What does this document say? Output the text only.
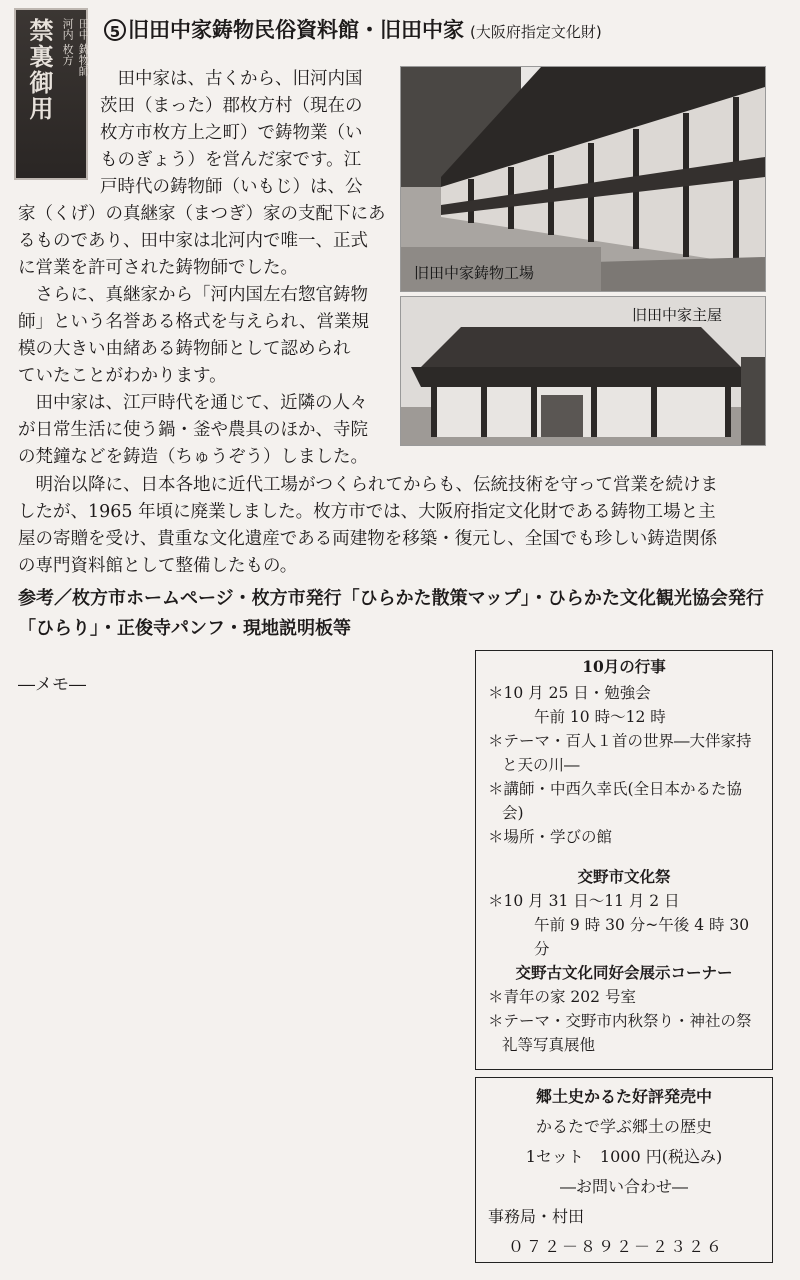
禁裏御用 河内 枚方 田中 鋳物師	5 旧田中家鋳物民俗資料館・旧田中家 (大阪府指定文化財)

　田中家は、古くから、旧河内国

茨田（まった）郡枚方村（現在の

枚方市枚方上之町）で鋳物業（い

ものぎょう）を営んだ家です。江

戸時代の鋳物師（いもじ）は、公

家（くげ）の真継家（まつぎ）家の支配下にあ

るものであり、田中家は北河内で唯一、正式

に営業を許可された鋳物師でした。

　さらに、真継家から「河内国左右惣官鋳物

師」という名誉ある格式を与えられ、営業規

模の大きい由緒ある鋳物師として認められ

ていたことがわかります。

　田中家は、江戸時代を通じて、近隣の人々

が日常生活に使う鍋・釜や農具のほか、寺院

の梵鐘などを鋳造（ちゅうぞう）しました。

　明治以降に、日本各地に近代工場がつくられてからも、伝統技術を守って営業を続けま

したが、1965 年頃に廃業しました。枚方市では、大阪府指定文化財である鋳物工場と主

屋の寄贈を受け、貴重な文化遺産である両建物を移築・復元し、全国でも珍しい鋳造関係

の専門資料館として整備したもの。

旧田中家鋳物工場
旧田中家主屋
参考／枚方市ホームページ・枚方市発行「ひらかた散策マップ」・ひらかた文化観光協会発行「ひらり」・正俊寺パンフ・現地説明板等
―メモ―
10月の行事
＊10 月 25 日・勉強会
午前 10 時～12 時
＊テーマ・百人１首の世界―大伴家持と天の川―
＊講師・中西久幸氏(全日本かるた協会)
＊場所・学びの館
交野市文化祭
＊10 月 31 日～11 月 2 日
午前 9 時 30 分~午後 4 時 30 分
交野古文化同好会展示コーナー
＊青年の家 202 号室
＊テーマ・交野市内秋祭り・神社の祭礼等写真展他
郷土史かるた好評発売中
かるたで学ぶ郷土の歴史
1セット　1000 円(税込み)
―お問い合わせ―
事務局・村田
０７２－８９２－２３２６
